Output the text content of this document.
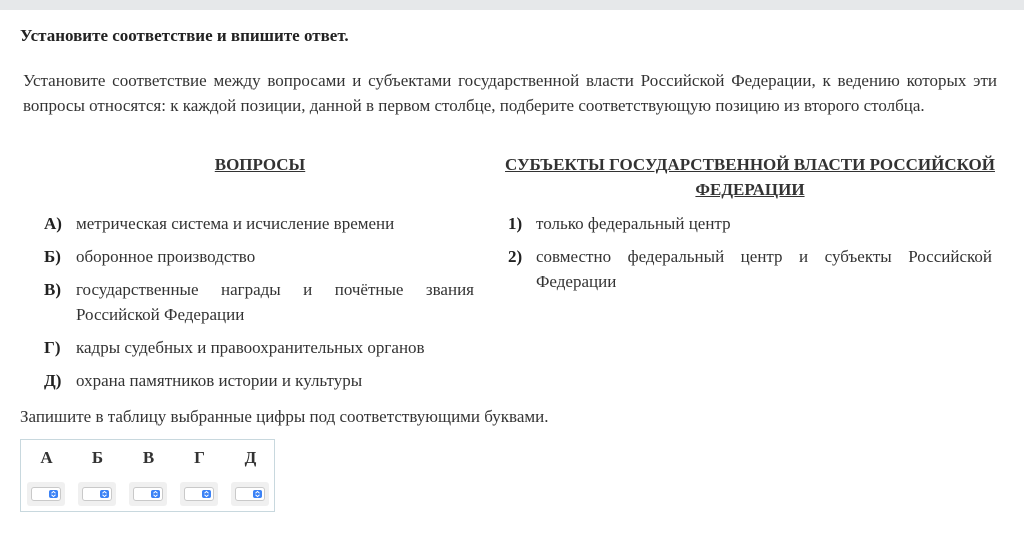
Установите соответствие и впишите ответ.
Установите соответствие между вопросами и субъектами государственной власти Российской Федерации, к ведению которых эти вопросы относятся: к каждой позиции, данной в первом столбце, подберите соответствующую позицию из второго столбца.
ВОПРОСЫ	СУБЪЕКТЫ ГОСУДАРСТВЕННОЙ ВЛАСТИ РОССИЙСКОЙ ФЕДЕРАЦИИ
А) метрическая система и исчисление времени
Б) оборонное производство
В) государственные награды и почётные звания Российской Федерации
Г) кадры судебных и правоохранительных органов
Д) охрана памятников истории и культуры
1) только федеральный центр
2) совместно федеральный центр и субъекты Российской Федерации
Запишите в таблицу выбранные цифры под соответствующими буквами.
А	Б	В	Г	Д
